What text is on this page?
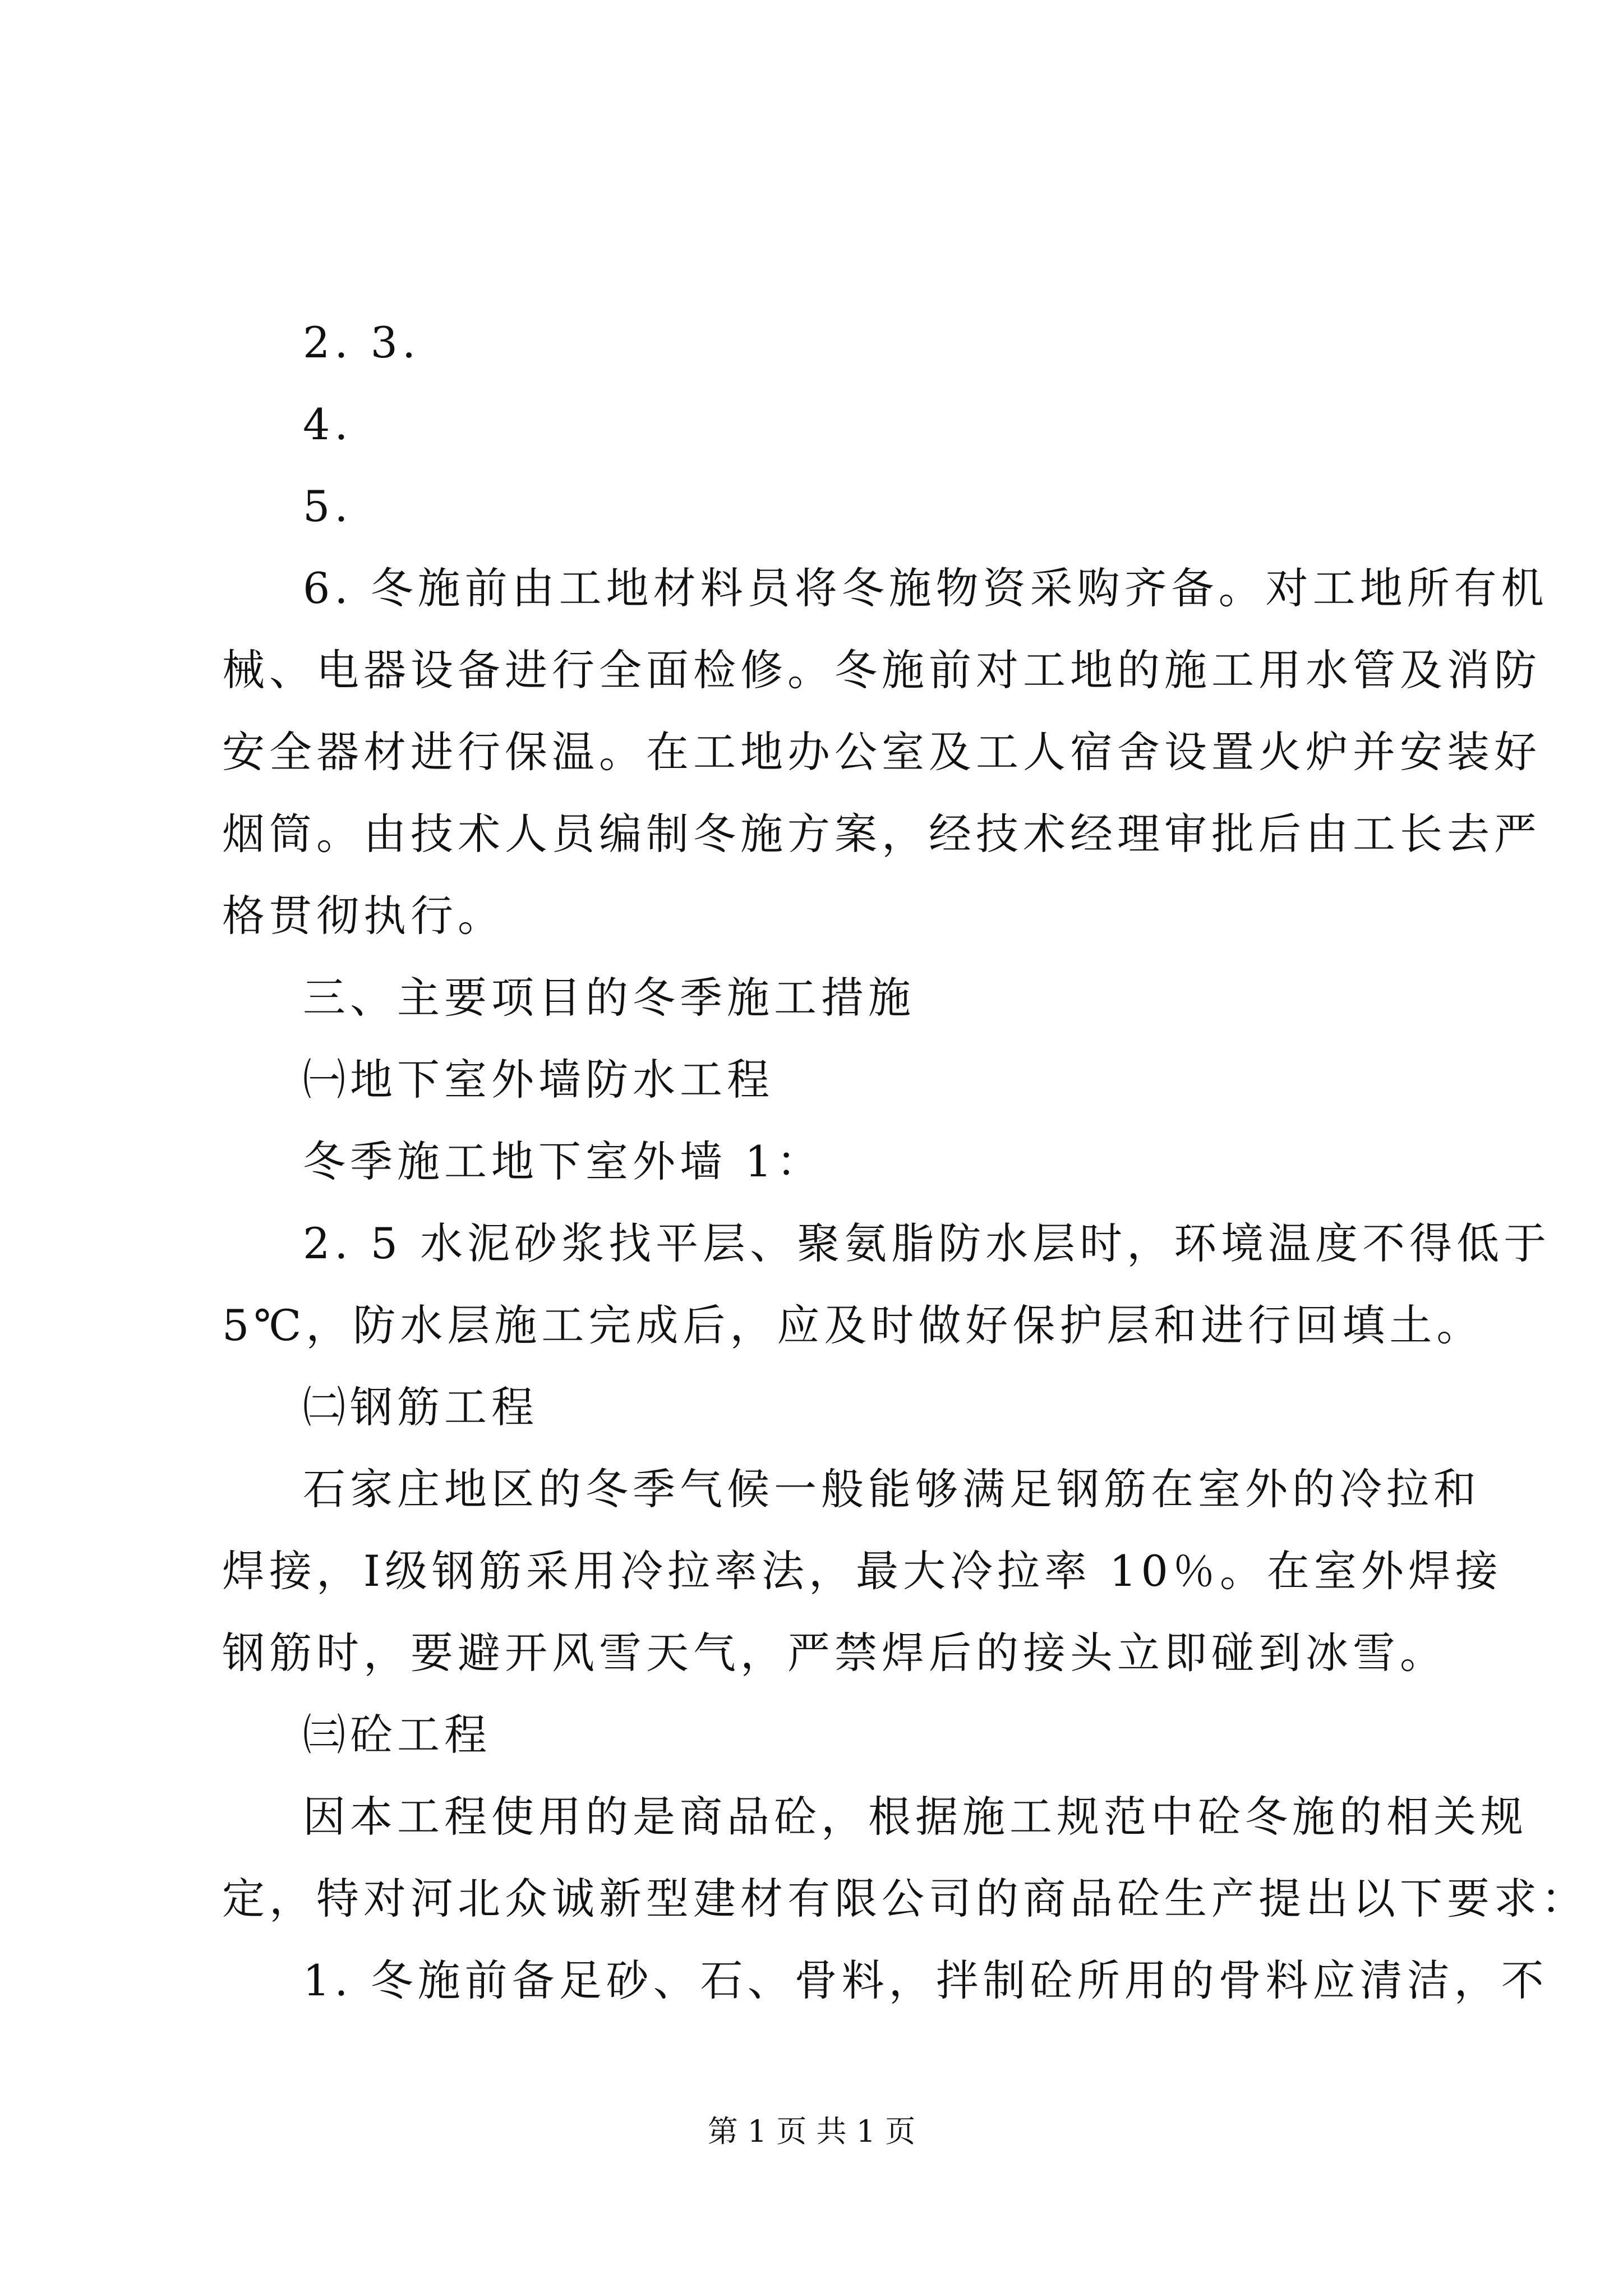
2. 3.
4.
5.
6. 冬施前由工地材料员将冬施物资采购齐备。对工地所有机
械、电器设备进行全面检修。冬施前对工地的施工用水管及消防
安全器材进行保温。在工地办公室及工人宿舍设置火炉并安装好
烟筒。由技术人员编制冬施方案，经技术经理审批后由工长去严
格贯彻执行。
三、主要项目的冬季施工措施
㈠地下室外墙防水工程
冬季施工地下室外墙 1：
2. 5 水泥砂浆找平层、聚氨脂防水层时，环境温度不得低于
5℃，防水层施工完成后，应及时做好保护层和进行回填土。
㈡钢筋工程
石家庄地区的冬季气候一般能够满足钢筋在室外的冷拉和
焊接，Ⅰ级钢筋采用冷拉率法，最大冷拉率 10％。在室外焊接
钢筋时，要避开风雪天气，严禁焊后的接头立即碰到冰雪。
㈢砼工程
因本工程使用的是商品砼，根据施工规范中砼冬施的相关规
定，特对河北众诚新型建材有限公司的商品砼生产提出以下要求：
1. 冬施前备足砂、石、骨料，拌制砼所用的骨料应清洁，不
第 1 页 共 1 页
